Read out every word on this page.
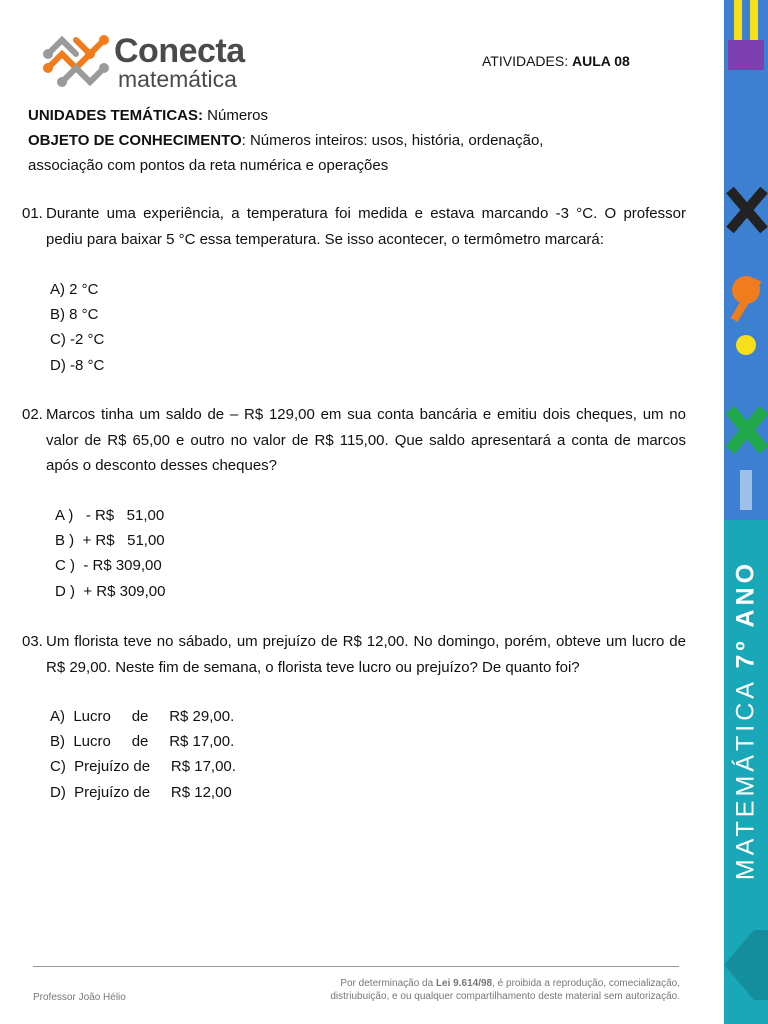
Conecta
matemática
ATIVIDADES: AULA 08
UNIDADES TEMÁTICAS: Números
OBJETO DE CONHECIMENTO: Números inteiros: usos, história, ordenação,
associação com pontos da reta numérica e operações
01. Durante uma experiência, a temperatura foi medida e estava marcando -3 °C. O professor pediu para baixar 5 °C essa temperatura. Se isso acontecer, o termômetro marcará:
A) 2 °C
B) 8 °C
C) -2 °C
D) -8 °C
02. Marcos tinha um saldo de – R$ 129,00 em sua conta bancária e emitiu dois cheques, um no valor de R$ 65,00 e outro no valor de R$ 115,00. Que saldo apresentará a conta de marcos após o desconto desses cheques?
A )   - R$   51,00
B )  + R$   51,00
C )  - R$ 309,00
D )  + R$ 309,00
03. Um florista teve no sábado, um prejuízo de R$ 12,00. No domingo, porém, obteve um lucro de R$ 29,00. Neste fim de semana, o florista teve lucro ou prejuízo? De quanto foi?
A)  Lucro     de     R$ 29,00.
B)  Lucro     de     R$ 17,00.
C)  Prejuízo de     R$ 17,00.
D)  Prejuízo de     R$ 12,00	MATEMÁTICA 7º ANO
Professor João Hélio
Por determinação da Lei 9.614/98, é proibida a reprodução, comecialização,
distriubuição, e ou qualquer compartilhamento deste material sem autorização.
